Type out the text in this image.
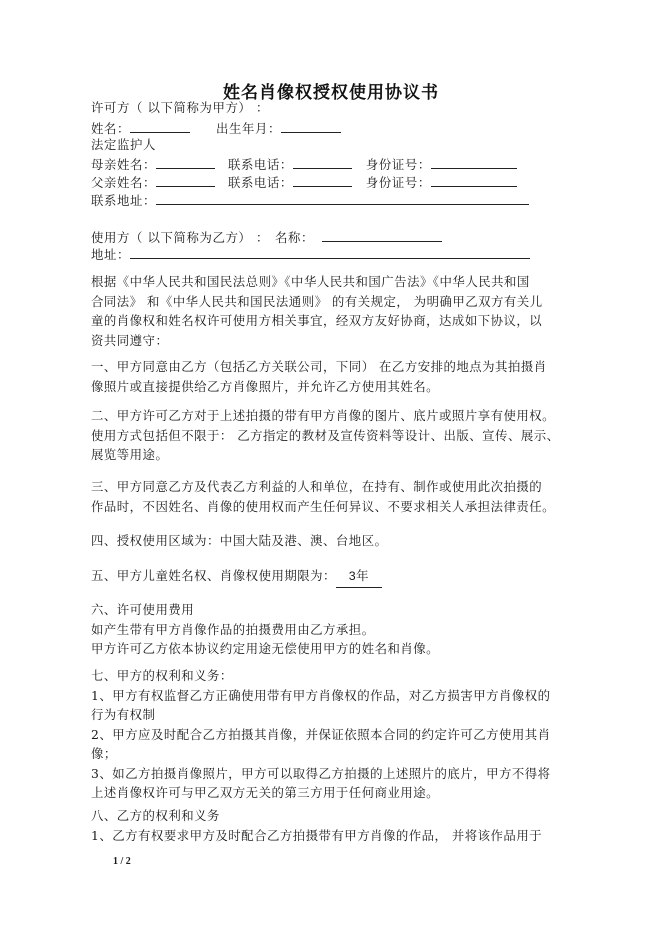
姓名肖像权授权使用协议书
许可方（ 以下简称为甲方） ：
姓名：	出生年月：
法定监护人
母亲姓名：	联系电话：	身份证号：
父亲姓名：	联系电话：	身份证号：
联系地址：
使用方（ 以下简称为乙方） ： 名称：
地址：
根据《中华人民共和国民法总则》《中华人民共和国广告法》《中华人民共和国
合同法》 和《中华人民共和国民法通则》 的有关规定， 为明确甲乙双方有关儿
童的肖像权和姓名权许可使用方相关事宜，经双方友好协商，达成如下协议，以
资共同遵守：
一、甲方同意由乙方（包括乙方关联公司，下同） 在乙方安排的地点为其拍摄肖
像照片或直接提供给乙方肖像照片，并允许乙方使用其姓名。
二、甲方许可乙方对于上述拍摄的带有甲方肖像的图片、底片或照片享有使用权。
使用方式包括但不限于： 乙方指定的教材及宣传资料等设计、出版、宣传、展示、
展览等用途。
三、甲方同意乙方及代表乙方利益的人和单位，在持有、制作或使用此次拍摄的
作品时，不因姓名、肖像的使用权而产生任何异议、不要求相关人承担法律责任。
四、授权使用区域为：中国大陆及港、澳、台地区。
五、甲方儿童姓名权、肖像权使用期限为： 3年
六、许可使用费用
如产生带有甲方肖像作品的拍摄费用由乙方承担。
甲方许可乙方依本协议约定用途无偿使用甲方的姓名和肖像。
七、甲方的权利和义务：
1、甲方有权监督乙方正确使用带有甲方肖像权的作品，对乙方损害甲方肖像权的
行为有权制
2、甲方应及时配合乙方拍摄其肖像，并保证依照本合同的约定许可乙方使用其肖
像；
3、如乙方拍摄肖像照片，甲方可以取得乙方拍摄的上述照片的底片，甲方不得将
上述肖像权许可与甲乙双方无关的第三方用于任何商业用途。
八、乙方的权利和义务
1、乙方有权要求甲方及时配合乙方拍摄带有甲方肖像的作品， 并将该作品用于
1 / 2
